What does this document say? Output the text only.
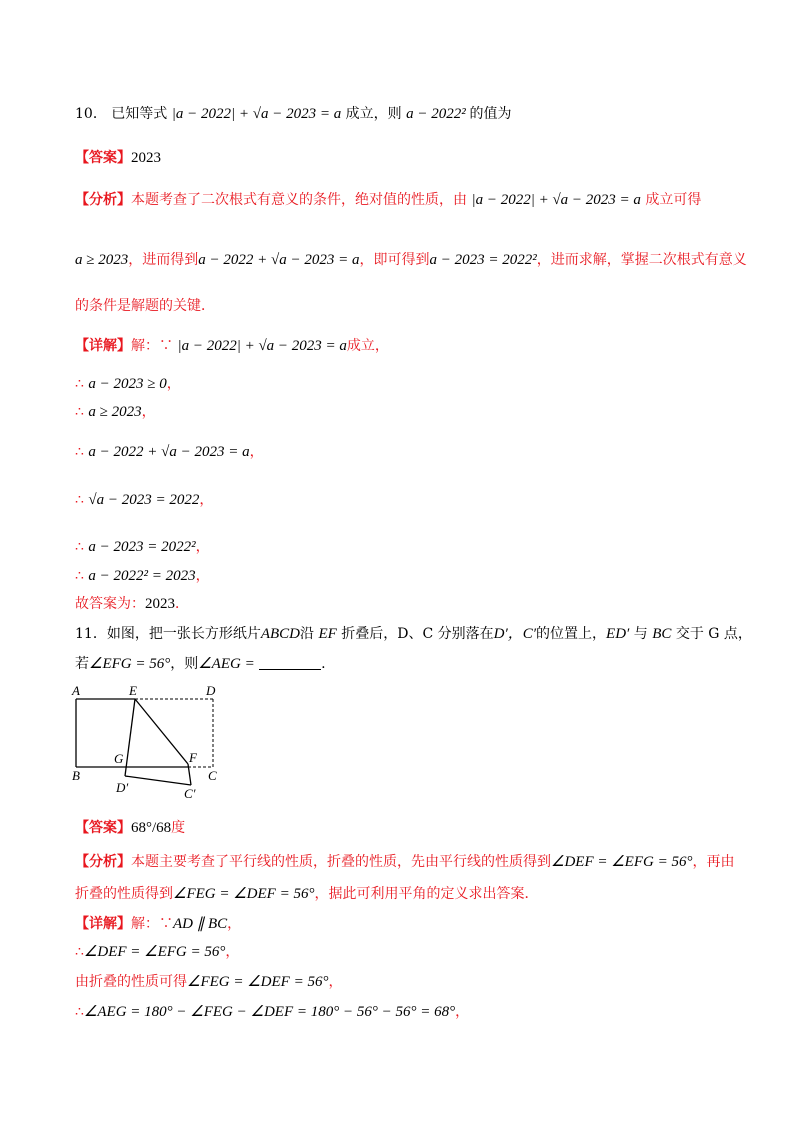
10． 已知等式 |a − 2022| + √a − 2023 = a 成立，则 a − 2022² 的值为
【答案】2023
【分析】本题考查了二次根式有意义的条件，绝对值的性质，由 |a − 2022| + √a − 2023 = a 成立可得
a ≥ 2023，进而得到a − 2022 + √a − 2023 = a，即可得到a − 2023 = 2022²，进而求解，掌握二次根式有意义
的条件是解题的关键．
【详解】解：∵ |a − 2022| + √a − 2023 = a成立，
∴ a − 2023 ≥ 0，
∴ a ≥ 2023，
∴ a − 2022 + √a − 2023 = a，
∴ √a − 2023 = 2022，
∴ a − 2023 = 2022²，
∴ a − 2022² = 2023，
故答案为：2023．
11．如图，把一张长方形纸片ABCD沿 EF 折叠后，D、C 分别落在D′，C′的位置上，ED′ 与 BC 交于 G 点，
若∠EFG = 56°，则∠AEG =	.
A	E	D
G	F
B	C
D′	C′
【答案】68°/68度
【分析】本题主要考查了平行线的性质，折叠的性质，先由平行线的性质得到∠DEF = ∠EFG = 56°，再由
折叠的性质得到∠FEG = ∠DEF = 56°，据此可利用平角的定义求出答案．
【详解】解：∵AD ∥ BC，
∴∠DEF = ∠EFG = 56°，
由折叠的性质可得∠FEG = ∠DEF = 56°，
∴∠AEG = 180° − ∠FEG − ∠DEF = 180° − 56° − 56° = 68°，
